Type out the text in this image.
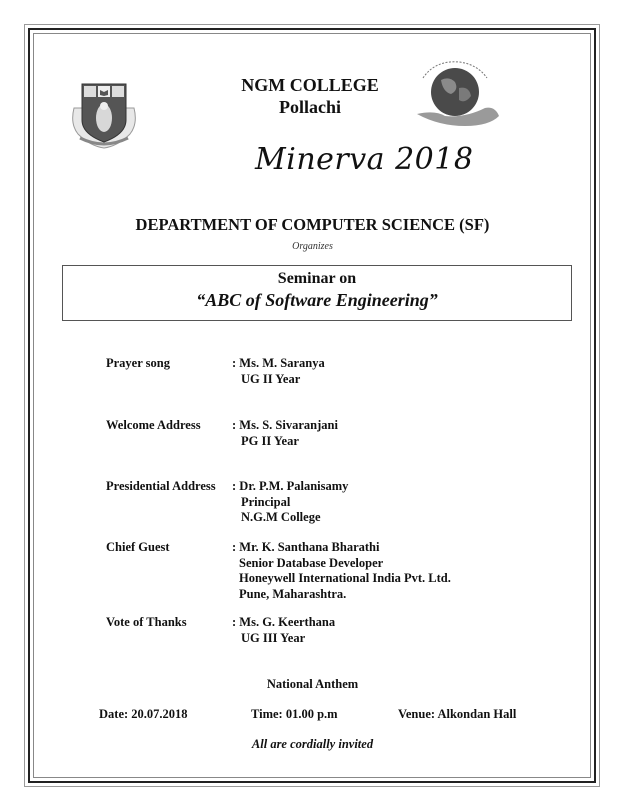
NGM COLLEGE
Pollachi
Minerva 2018
DEPARTMENT OF COMPUTER SCIENCE (SF)
Organizes
Seminar on
“ABC of Software Engineering”
Prayer song	: Ms. M. Saranya
UG II Year
Welcome Address	: Ms. S. Sivaranjani
PG II Year
Presidential Address : Dr. P.M. Palanisamy
Principal
N.G.M College
Chief Guest	: Mr. K. Santhana Bharathi
Senior Database Developer
Honeywell International India Pvt. Ltd.
Pune, Maharashtra.
Vote of Thanks	: Ms. G. Keerthana
UG III Year
National Anthem
Date: 20.07.2018	Time: 01.00 p.m	Venue: Alkondan Hall
All are cordially invited
